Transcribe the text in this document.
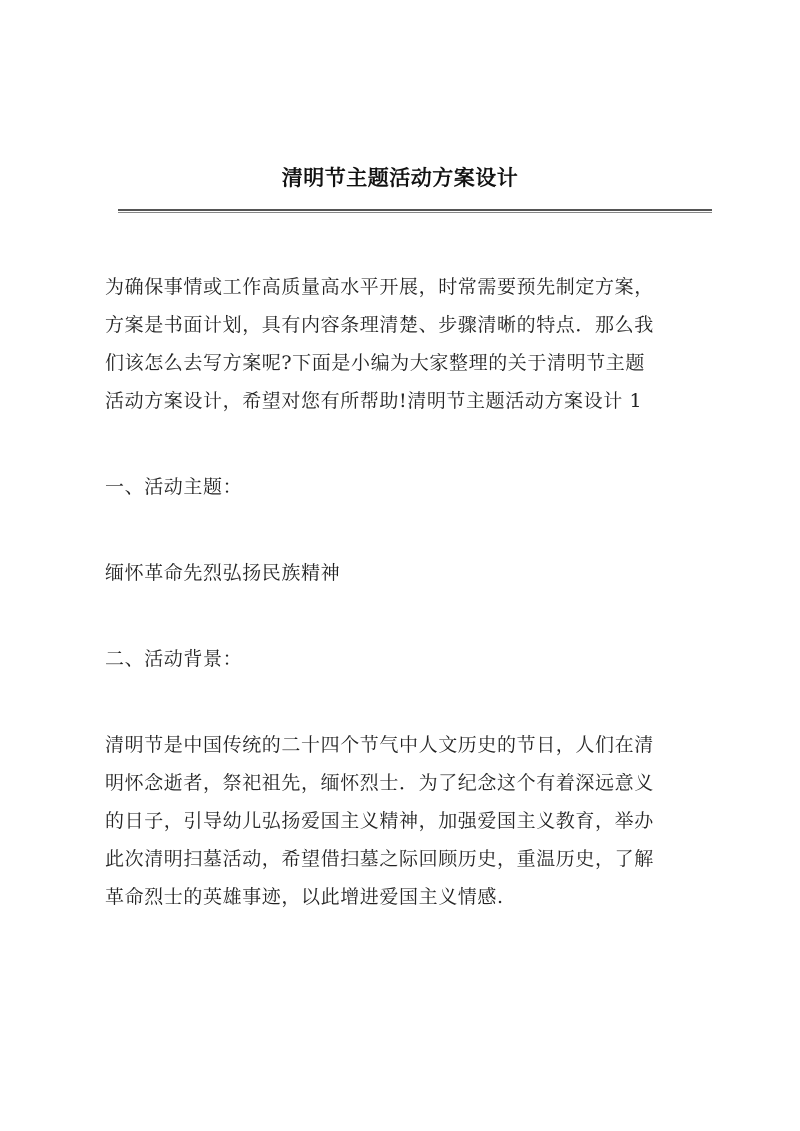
清明节主题活动方案设计

为确保事情或工作高质量高水平开展，时常需要预先制定方案，
方案是书面计划，具有内容条理清楚、步骤清晰的特点．那么我
们该怎么去写方案呢?下面是小编为大家整理的关于清明节主题
活动方案设计，希望对您有所帮助!清明节主题活动方案设计 1

一、活动主题：

缅怀革命先烈弘扬民族精神

二、活动背景：

清明节是中国传统的二十四个节气中人文历史的节日，人们在清
明怀念逝者，祭祀祖先，缅怀烈士．为了纪念这个有着深远意义
的日子，引导幼儿弘扬爱国主义精神，加强爱国主义教育，举办
此次清明扫墓活动，希望借扫墓之际回顾历史，重温历史，了解
革命烈士的英雄事迹，以此增进爱国主义情感.
